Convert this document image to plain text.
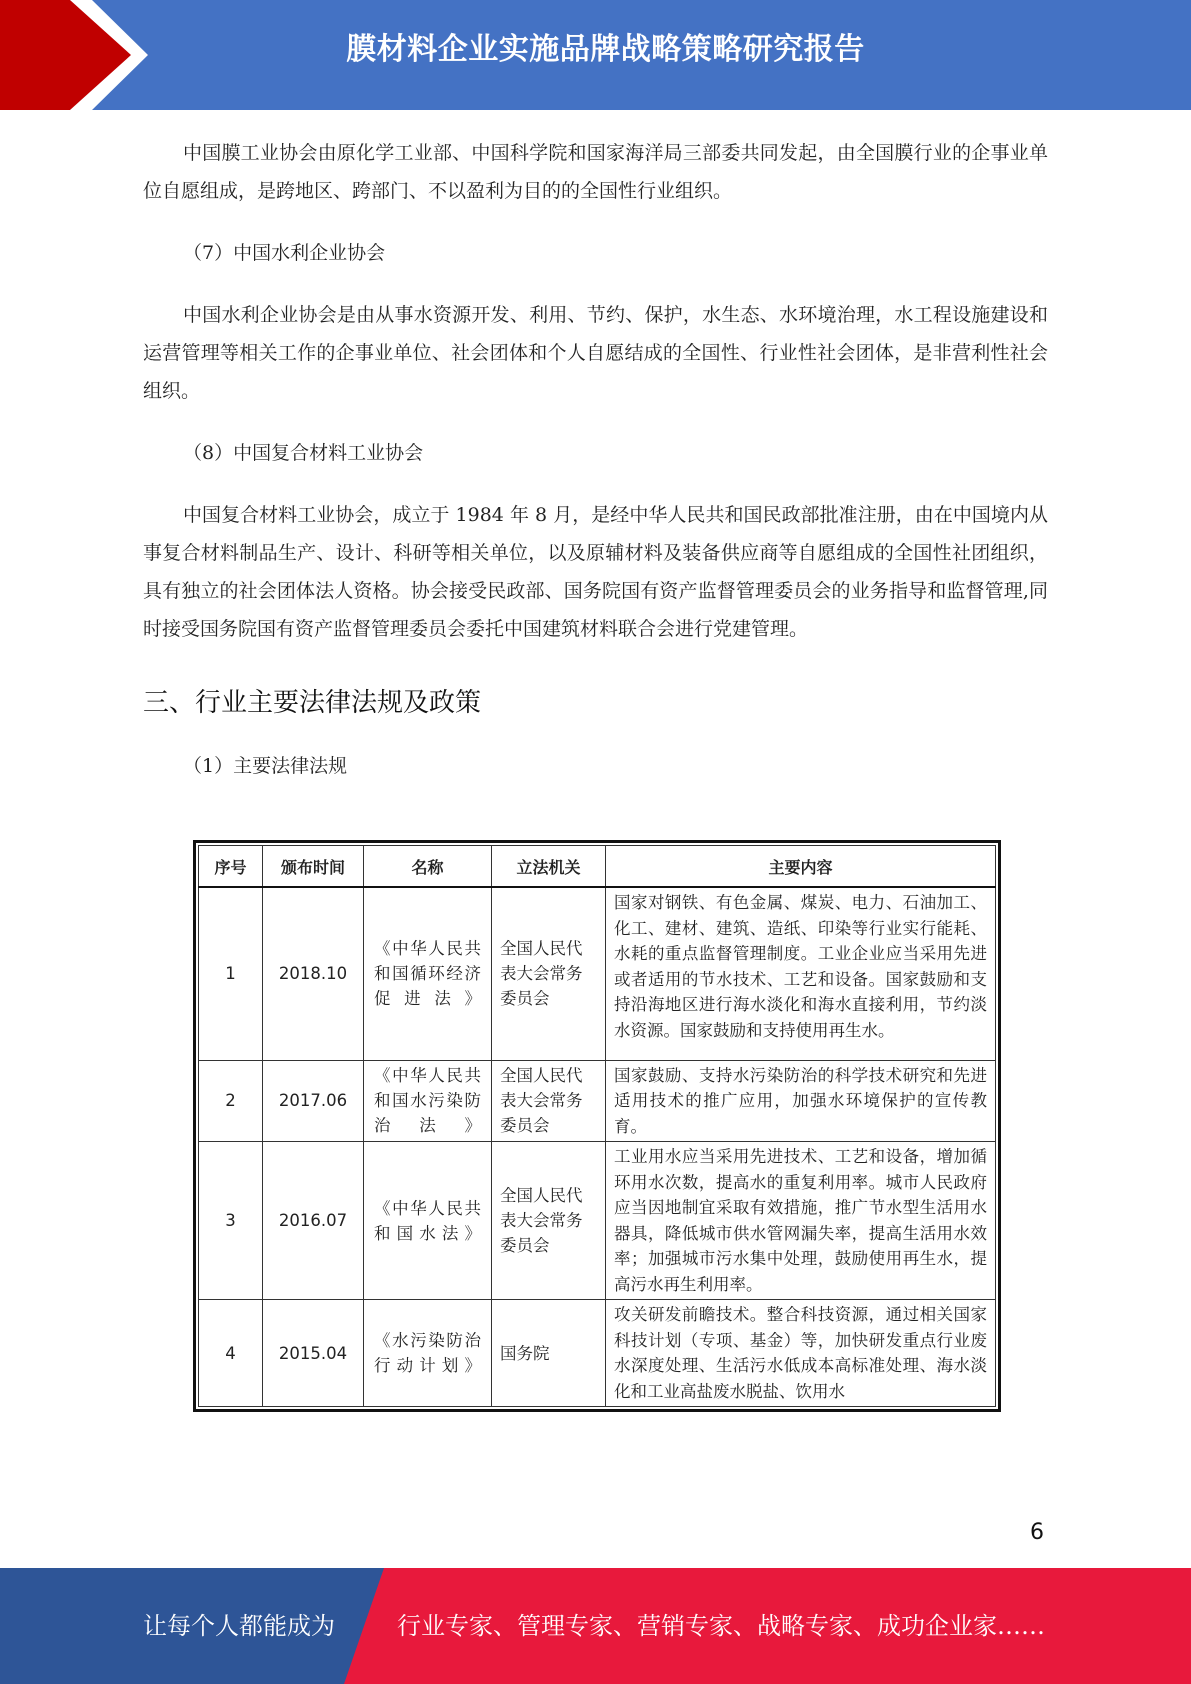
膜材料企业实施品牌战略策略研究报告

中国膜工业协会由原化学工业部、中国科学院和国家海洋局三部委共同发起，由全国膜行业的企事业单位自愿组成，是跨地区、跨部门、不以盈利为目的的全国性行业组织。

（7）中国水利企业协会

中国水利企业协会是由从事水资源开发、利用、节约、保护，水生态、水环境治理，水工程设施建设和运营管理等相关工作的企事业单位、社会团体和个人自愿结成的全国性、行业性社会团体，是非营利性社会组织。

（8）中国复合材料工业协会

中国复合材料工业协会，成立于 1984 年 8 月，是经中华人民共和国民政部批准注册，由在中国境内从事复合材料制品生产、设计、科研等相关单位，以及原辅材料及装备供应商等自愿组成的全国性社团组织，具有独立的社会团体法人资格。协会接受民政部、国务院国有资产监督管理委员会的业务指导和监督管理,同时接受国务院国有资产监督管理委员会委托中国建筑材料联合会进行党建管理。

三、行业主要法律法规及政策

（1）主要法律法规

序号	颁布时间	名称	立法机关	主要内容
1	2018.10	《中华人民共和国循环经济促进法》	全国人民代表大会常务委员会	国家对钢铁、有色金属、煤炭、电力、石油加工、化工、建材、建筑、造纸、印染等行业实行能耗、水耗的重点监督管理制度。工业企业应当采用先进或者适用的节水技术、工艺和设备。国家鼓励和支持沿海地区进行海水淡化和海水直接利用，节约淡水资源。国家鼓励和支持使用再生水。
2	2017.06	《中华人民共和国水污染防治法》	全国人民代表大会常务委员会	国家鼓励、支持水污染防治的科学技术研究和先进适用技术的推广应用，加强水环境保护的宣传教育。
3	2016.07	《中华人民共和国水法》	全国人民代表大会常务委员会	工业用水应当采用先进技术、工艺和设备，增加循环用水次数，提高水的重复利用率。城市人民政府应当因地制宜采取有效措施，推广节水型生活用水器具，降低城市供水管网漏失率，提高生活用水效率；加强城市污水集中处理，鼓励使用再生水，提高污水再生利用率。
4	2015.04	《水污染防治行动计划》	国务院	攻关研发前瞻技术。整合科技资源，通过相关国家科技计划（专项、基金）等，加快研发重点行业废水深度处理、生活污水低成本高标准处理、海水淡化和工业高盐废水脱盐、饮用水
6
让每个人都能成为	行业专家、管理专家、营销专家、战略专家、成功企业家……
